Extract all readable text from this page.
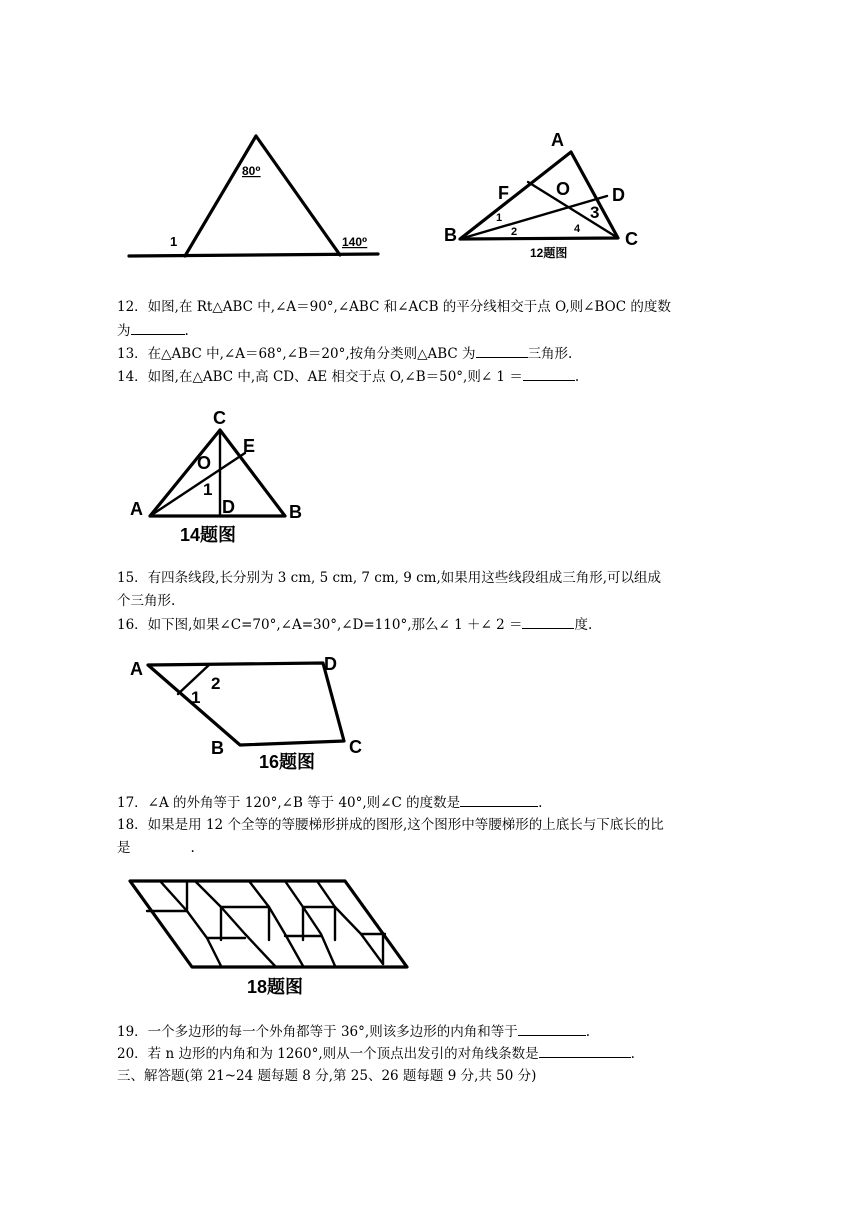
80⁰
1	140⁰
A
B	C
D
F	O
1
2
3
4
12题图
12．如图,在 Rt△ABC 中,∠A＝90°,∠ABC 和∠ACB 的平分线相交于点 O,则∠BOC 的度数
为	.
13．在△ABC 中,∠A＝68°,∠B＝20°,按角分类则△ABC 为	三角形.
14．如图,在△ABC 中,高 CD、AE 相交于点 O,∠B＝50°,则∠ 1 ＝	.
C
E
O
1
D
A	B
14题图
15．有四条线段,长分别为 3 cm, 5 cm, 7 cm, 9 cm,如果用这些线段组成三角形,可以组成
个三角形.
16．如下图,如果∠C=70°,∠A=30°,∠D=110°,那么∠ 1 ＋∠ 2 ＝	度.
A	D
2
1
B	C
16题图
17．∠A 的外角等于 120°,∠B 等于 40°,则∠C 的度数是	.
18．如果是用 12 个全等的等腰梯形拼成的图形,这个图形中等腰梯形的上底长与下底长的比
是	.
18题图
19．一个多边形的每一个外角都等于 36°,则该多边形的内角和等于	.
20．若 n 边形的内角和为 1260°,则从一个顶点出发引的对角线条数是	.
三、解答题(第 21~24 题每题 8 分,第 25、26 题每题 9 分,共 50 分)
